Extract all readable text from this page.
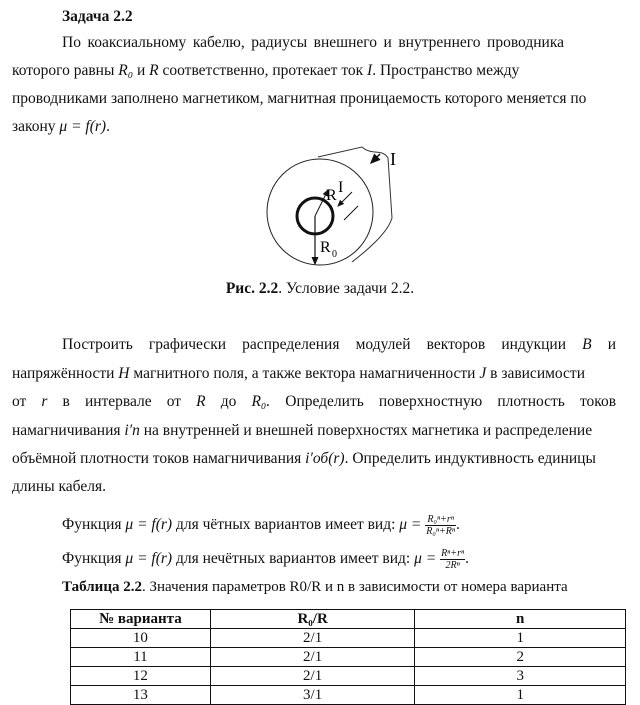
Задача 2.2
По коаксиальному кабелю, радиусы внешнего и внутреннего проводника
которого равны R₀ и R соответственно, протекает ток I. Пространство между
проводниками заполнено магнетиком, магнитная проницаемость которого меняется по
закону μ = f(r).
I
I
R
R 0
Рис. 2.2. Условие задачи 2.2.
Построить графически распределения модулей векторов индукции B и
напряжённости H магнитного поля, а также вектора намагниченности J в зависимости
от r в интервале от R до R₀. Определить поверхностную плотность токов
намагничивания i′п на внутренней и внешней поверхностях магнетика и распределение
объёмной плотности токов намагничивания i′об(r). Определить индуктивность единицы
длины кабеля.
Функция μ = f(r) для чётных вариантов имеет вид: $\mu = \frac{\text{R₀ⁿ+rⁿ}}{\text{R₀ⁿ+Rⁿ}}$ .
Функция μ = f(r) для нечётных вариантов имеет вид: $\mu = \frac{\text{Rⁿ+rⁿ}}{\text{2Rⁿ}}$ .
Таблица 2.2. Значения параметров R0/R и n в зависимости от номера варианта
№ варианта	R₀/R	n
10	2/1	1
11	2/1	2
12	2/1	3
13	3/1	1
